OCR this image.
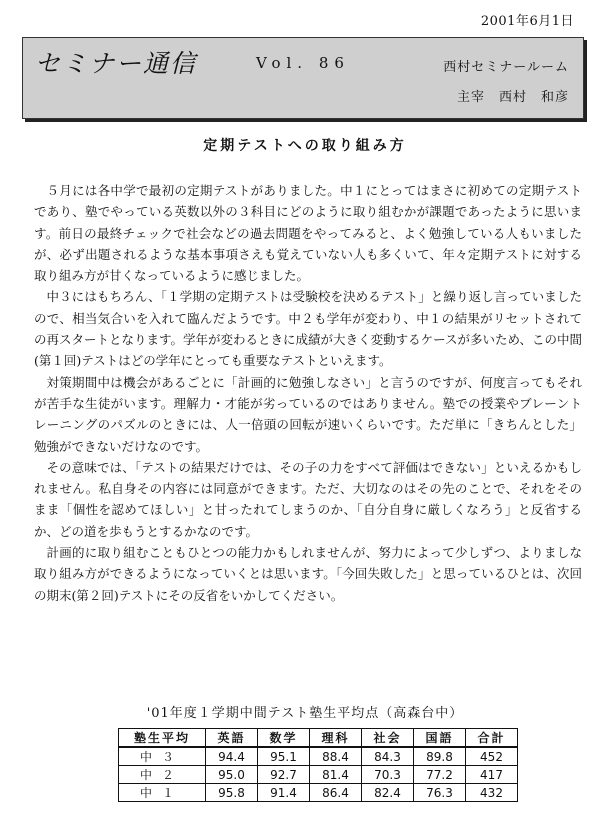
2001年6月1日
セミナー通信	Vol. 86	西村セミナールーム
主宰　西村　和彦
定期テストへの取り組み方

５月には各中学で最初の定期テストがありました。中１にとってはまさに初めての定期テストであり、塾でやっている英数以外の３科目にどのように取り組むかが課題であったように思います。前日の最終チェックで社会などの過去問題をやってみると、よく勉強している人もいましたが、必ず出題されるような基本事項さえも覚えていない人も多くいて、年々定期テストに対する取り組み方が甘くなっているように感じました。

中３にはもちろん、「１学期の定期テストは受験校を決めるテスト」と繰り返し言っていましたので、相当気合いを入れて臨んだようです。中２も学年が変わり、中１の結果がリセットされての再スタートとなります。学年が変わるときに成績が大きく変動するケースが多いため、この中間(第１回)テストはどの学年にとっても重要なテストといえます。

対策期間中は機会があるごとに「計画的に勉強しなさい」と言うのですが、何度言ってもそれが苦手な生徒がいます。理解力・才能が劣っているのではありません。塾での授業やブレーントレーニングのパズルのときには、人一倍頭の回転が速いくらいです。ただ単に「きちんとした」勉強ができないだけなのです。

その意味では、「テストの結果だけでは、その子の力をすべて評価はできない」といえるかもしれません。私自身その内容には同意ができます。ただ、大切なのはその先のことで、それをそのまま「個性を認めてほしい」と甘ったれてしまうのか、「自分自身に厳しくなろう」と反省するか、どの道を歩もうとするかなのです。

計画的に取り組むこともひとつの能力かもしれませんが、努力によって少しずつ、よりましな取り組み方ができるようになっていくとは思います。「今回失敗した」と思っているひとは、次回の期末(第２回)テストにその反省をいかしてください。

'01年度１学期中間テスト塾生平均点（高森台中）
塾生平均	英語	数学	理科	社会	国語	合計
中３	94.4	95.1	88.4	84.3	89.8	452
中２	95.0	92.7	81.4	70.3	77.2	417
中１	95.8	91.4	86.4	82.4	76.3	432
